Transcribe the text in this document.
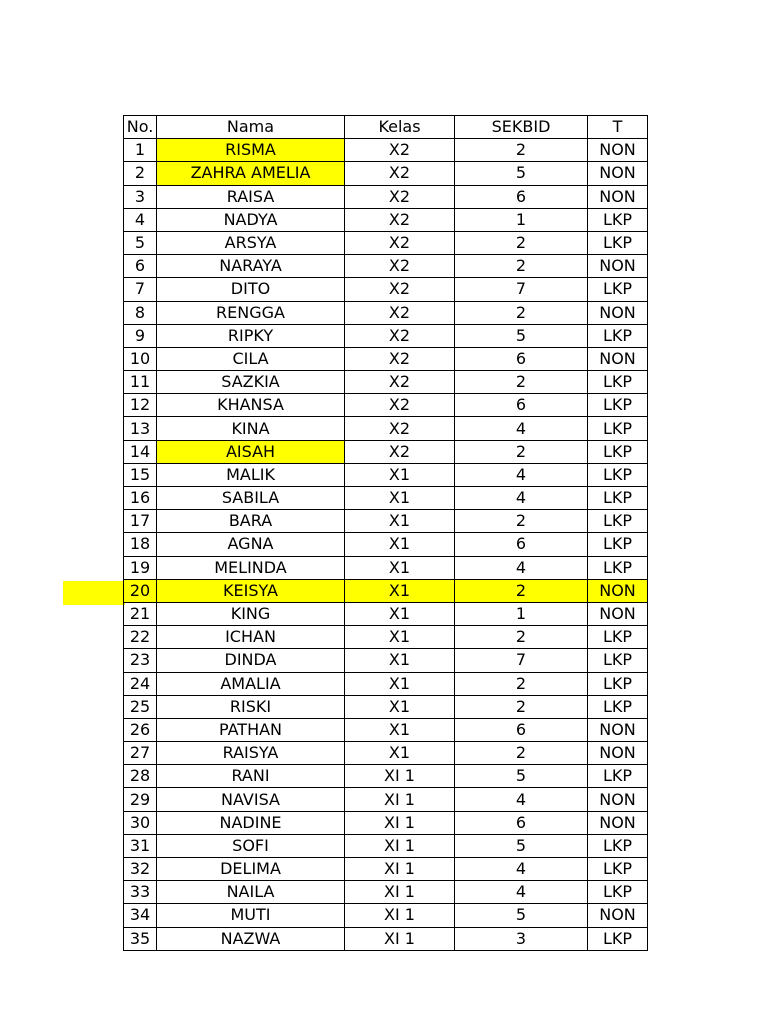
No.	Nama	Kelas	SEKBID	T
1	RISMA	X2	2	NON
2	ZAHRA AMELIA	X2	5	NON
3	RAISA	X2	6	NON
4	NADYA	X2	1	LKP
5	ARSYA	X2	2	LKP
6	NARAYA	X2	2	NON
7	DITO	X2	7	LKP
8	RENGGA	X2	2	NON
9	RIPKY	X2	5	LKP
10	CILA	X2	6	NON
11	SAZKIA	X2	2	LKP
12	KHANSA	X2	6	LKP
13	KINA	X2	4	LKP
14	AISAH	X2	2	LKP
15	MALIK	X1	4	LKP
16	SABILA	X1	4	LKP
17	BARA	X1	2	LKP
18	AGNA	X1	6	LKP
19	MELINDA	X1	4	LKP
20	KEISYA	X1	2	NON
21	KING	X1	1	NON
22	ICHAN	X1	2	LKP
23	DINDA	X1	7	LKP
24	AMALIA	X1	2	LKP
25	RISKI	X1	2	LKP
26	PATHAN	X1	6	NON
27	RAISYA	X1	2	NON
28	RANI	XI 1	5	LKP
29	NAVISA	XI 1	4	NON
30	NADINE	XI 1	6	NON
31	SOFI	XI 1	5	LKP
32	DELIMA	XI 1	4	LKP
33	NAILA	XI 1	4	LKP
34	MUTI	XI 1	5	NON
35	NAZWA	XI 1	3	LKP
